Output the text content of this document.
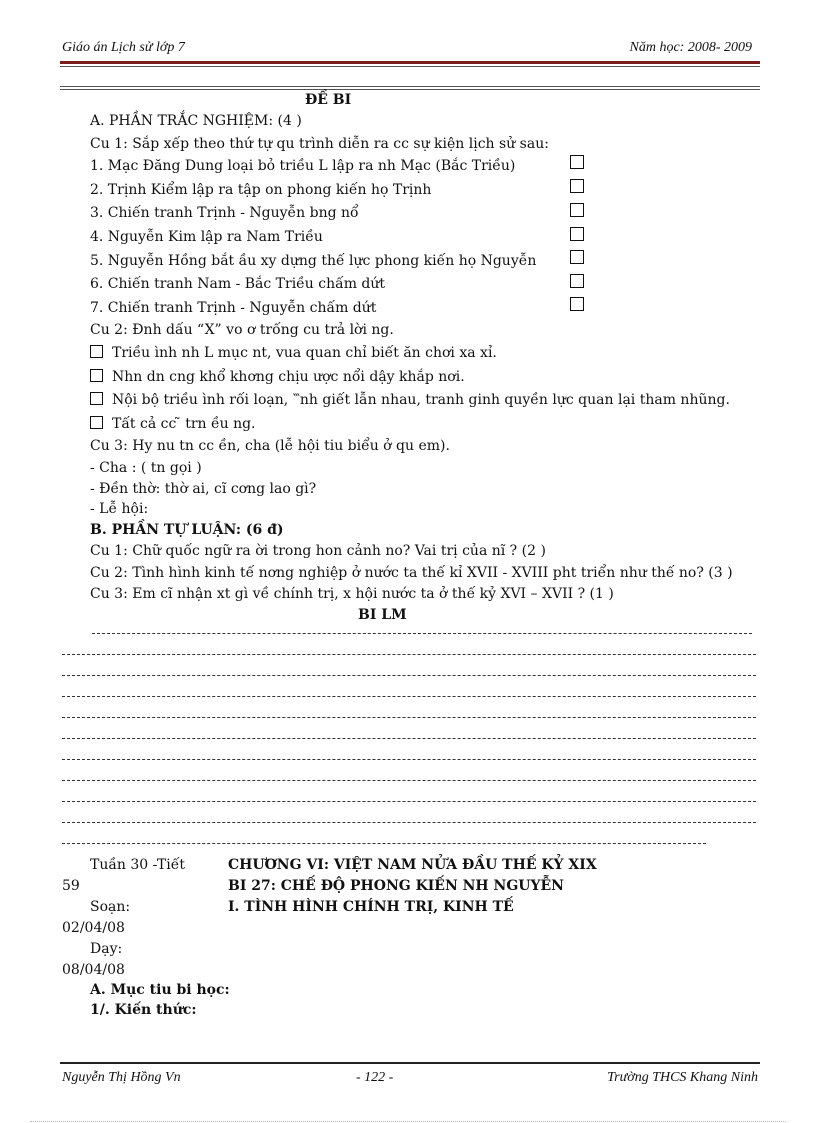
Giáo án Lịch sử lớp 7	Năm học: 2008- 2009
ĐỀ BI
A. PHẦN TRẮC NGHIỆM: (4 )
Cu 1: Sắp xếp theo thứ tự qu trình diễn ra cc sự kiện lịch sử sau:
1. Mạc Đăng Dung loại bỏ triều L lập ra nh Mạc (Bắc Triều)
2. Trịnh Kiểm lập ra tập on phong kiến họ Trịnh
3. Chiến tranh Trịnh - Nguyễn bng nổ
4. Nguyễn Kim lập ra Nam Triều
5. Nguyễn Hồng bắt ầu xy dựng thế lực phong kiến họ Nguyễn
6. Chiến tranh Nam - Bắc Triều chấm dứt
7. Chiến tranh Trịnh - Nguyễn chấm dứt
Cu 2: Đnh dấu “X” vo ơ trống cu trả lời ng.
Triều ình nh L mục nt, vua quan chỉ biết ăn chơi xa xỉ.
Nhn dn cng khổ khơng chịu ược nổi dậy khắp nơi.
Nội bộ triều ình rối loạn, ‷nh giết lẫn nhau, tranh ginh quyền lực quan lại tham nhũng.
Tất cả cc ̃ trn ều ng.
Cu 3: Hy nu tn cc ền, cha (lễ hội tiu biểu ở qu em).
- Cha : ( tn gọi )
- Đền thờ: thờ ai, cĩ cơng lao gì?
- Lễ hội:
B. PHẦN TỰ LUẬN: (6 đ)
Cu 1: Chữ quốc ngữ ra ời trong hon cảnh no? Vai trị của nĩ ? (2 )
Cu 2: Tình hình kinh tế nơng nghiệp ở nước ta thế kỉ XVII - XVIII pht triển như thế no? (3 )
Cu 3: Em cĩ nhận xt gì về chính trị, x hội nước ta ở thế kỷ XVI – XVII ? (1 )
BI LM
Tuần 30 -Tiết
59
Soạn:
02/04/08
Dạy:
08/04/08
CHƯƠNG VI: VIỆT NAM NỬA ĐẦU THẾ KỶ XIX
BI 27: CHẾ ĐỘ PHONG KIẾN NH NGUYỄN
I. TÌNH HÌNH CHÍNH TRỊ, KINH TẾ
A. Mục tiu bi học:
1/. Kiến thức:
Nguyễn Thị Hồng Vn	- 122 -	Trường THCS Khang Ninh
